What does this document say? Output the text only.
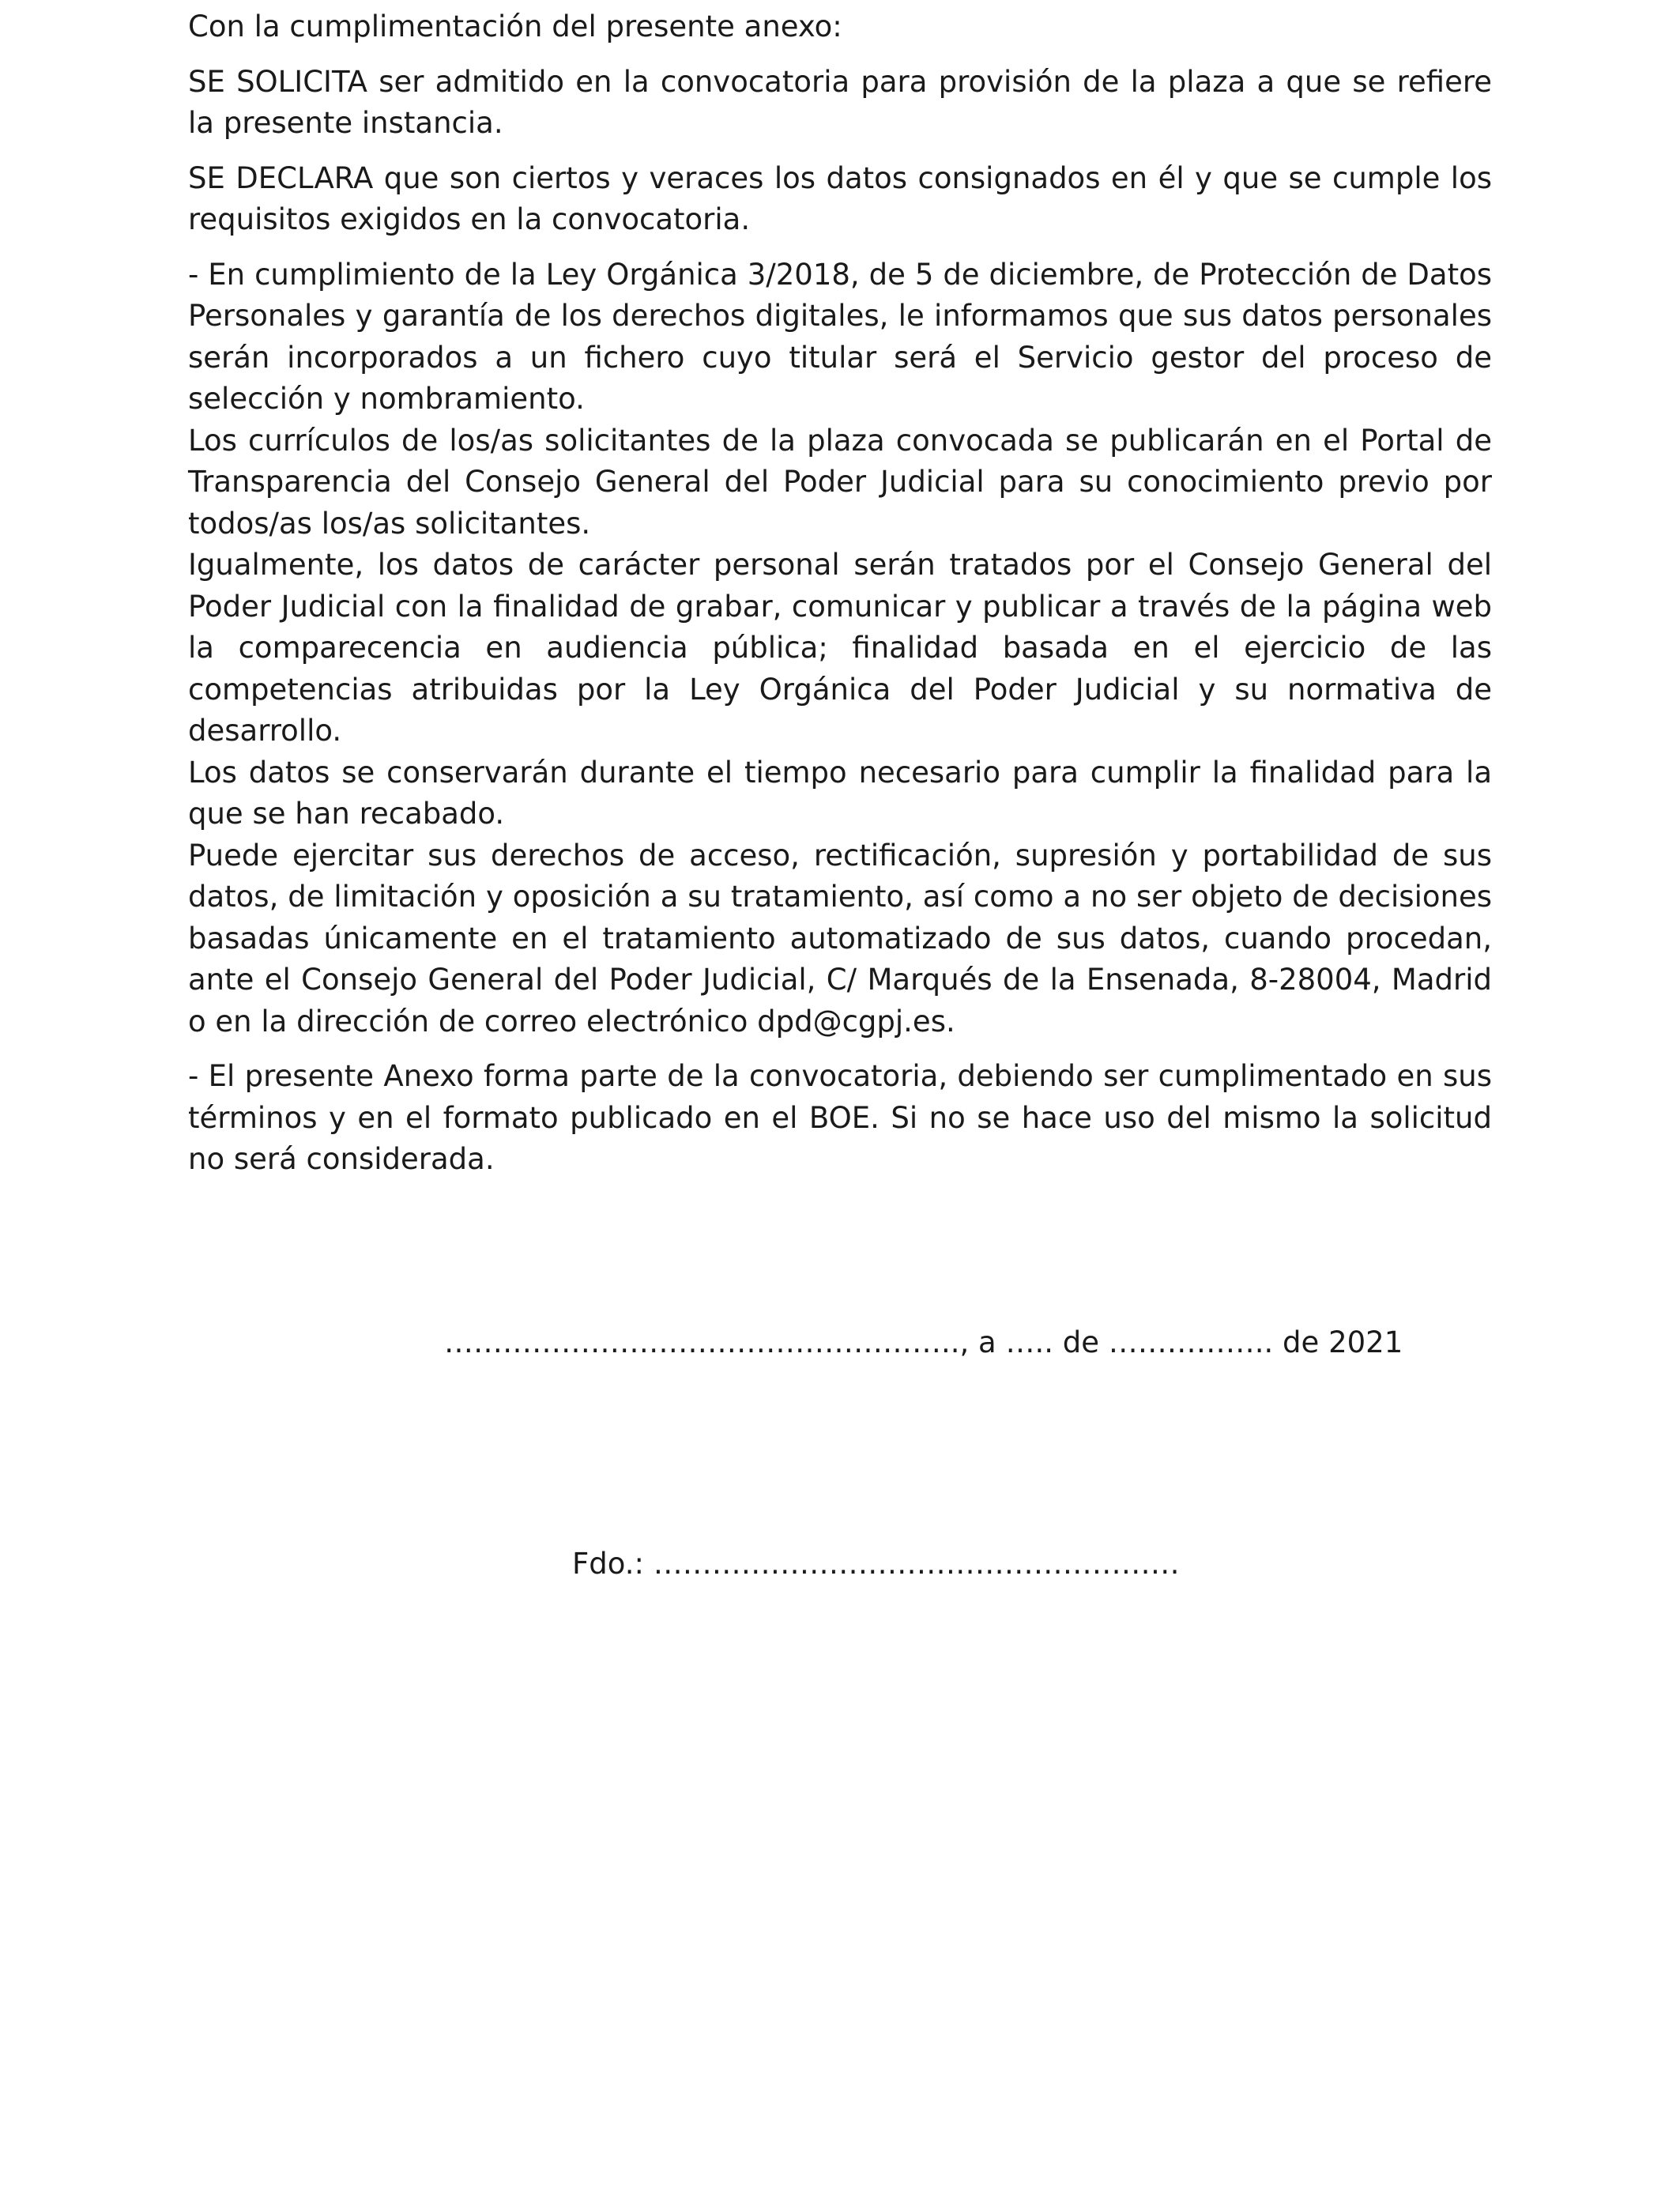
Con la cumplimentación del presente anexo:

SE SOLICITA ser admitido en la convocatoria para provisión de la plaza a que se refiere la presente instancia.

SE DECLARA que son ciertos y veraces los datos consignados en él y que se cumple los requisitos exigidos en la convocatoria.

- En cumplimiento de la Ley Orgánica 3/2018, de 5 de diciembre, de Protección de Datos Personales y garantía de los derechos digitales, le informamos que sus datos personales serán incorporados a un fichero cuyo titular será el Servicio gestor del proceso de selección y nombramiento.

Los currículos de los/as solicitantes de la plaza convocada se publicarán en el Portal de Transparencia del Consejo General del Poder Judicial para su conocimiento previo por todos/as los/as solicitantes.

Igualmente, los datos de carácter personal serán tratados por el Consejo General del Poder Judicial con la finalidad de grabar, comunicar y publicar a través de la página web la comparecencia en audiencia pública; finalidad basada en el ejercicio de las competencias atribuidas por la Ley Orgánica del Poder Judicial y su normativa de desarrollo.

Los datos se conservarán durante el tiempo necesario para cumplir la finalidad para la que se han recabado.

Puede ejercitar sus derechos de acceso, rectificación, supresión y portabilidad de sus datos, de limitación y oposición a su tratamiento, así como a no ser objeto de decisiones basadas únicamente en el tratamiento automatizado de sus datos, cuando procedan, ante el Consejo General del Poder Judicial, C/ Marqués de la Ensenada, 8-28004, Madrid o en la dirección de correo electrónico dpd@cgpj.es.

- El presente Anexo forma parte de la convocatoria, debiendo ser cumplimentado en sus términos y en el formato publicado en el BOE. Si no se hace uso del mismo la solicitud no será considerada.

…………………………………………….., a ….. de …………….. de 2021
Fdo.: ………………………………………………
